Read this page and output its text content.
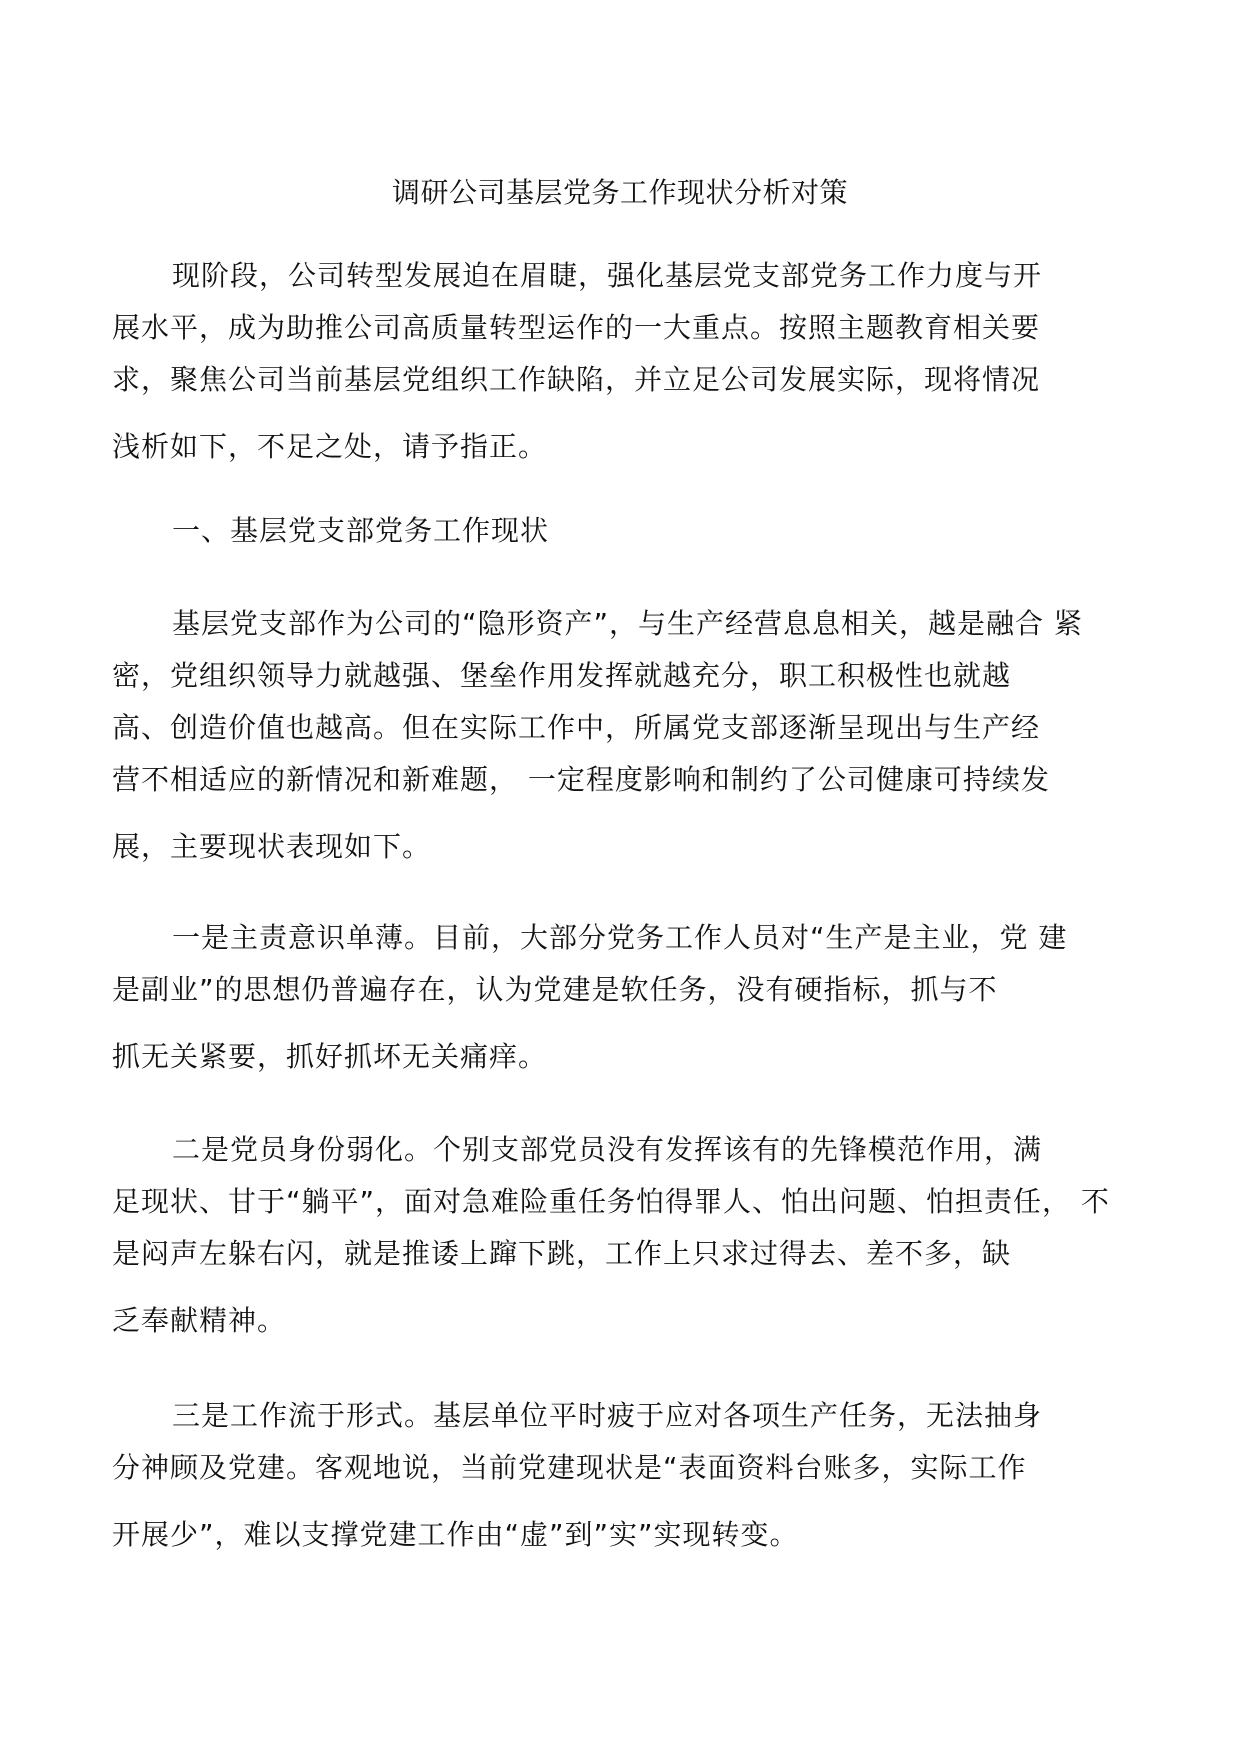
调研公司基层党务工作现状分析对策

现阶段，公司转型发展迫在眉睫，强化基层党支部党务工作力度与开
展水平，成为助推公司高质量转型运作的一大重点。按照主题教育相关要
求，聚焦公司当前基层党组织工作缺陷，并立足公司发展实际，现将情况
浅析如下，不足之处，请予指正。

一、基层党支部党务工作现状

基层党支部作为公司的“隐形资产”，与生产经营息息相关，越是融合 紧
密，党组织领导力就越强、堡垒作用发挥就越充分，职工积极性也就越
高、创造价值也越高。但在实际工作中，所属党支部逐渐呈现出与生产经
营不相适应的新情况和新难题， 一定程度影响和制约了公司健康可持续发
展，主要现状表现如下。

一是主责意识单薄。目前，大部分党务工作人员对“生产是主业，党 建
是副业”的思想仍普遍存在，认为党建是软任务，没有硬指标，抓与不
抓无关紧要，抓好抓坏无关痛痒。

二是党员身份弱化。个别支部党员没有发挥该有的先锋模范作用，满
足现状、甘于“躺平”，面对急难险重任务怕得罪人、怕出问题、怕担责任， 不
是闷声左躲右闪，就是推诿上蹿下跳，工作上只求过得去、差不多，缺
乏奉献精神。

三是工作流于形式。基层单位平时疲于应对各项生产任务，无法抽身
分神顾及党建。客观地说，当前党建现状是“表面资料台账多，实际工作
开展少”，难以支撑党建工作由“虚”到”实”实现转变。
